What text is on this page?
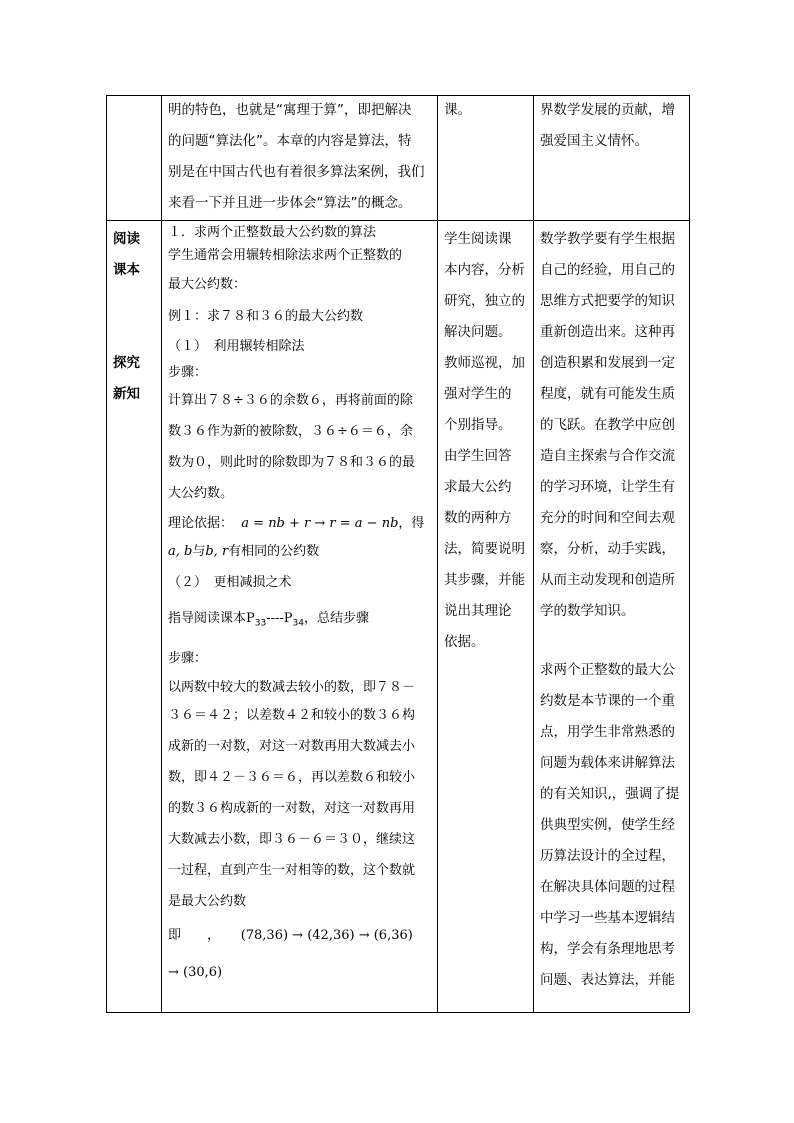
明的特色，也就是“寓理于算”，即把解决

的问题“算法化”。本章的内容是算法，特

别是在中国古代也有着很多算法案例，我们

来看一下并且进一步体会“算法”的概念。

课。	界数学发展的贡献，增

强爱国主义情怀。

阅读

课本

探究

新知

１．求两个正整数最大公约数的算法

学生通常会用辗转相除法求两个正整数的

最大公约数：

例１：求７８和３６的最大公约数

（１）　利用辗转相除法

步骤：

计算出７８÷３６的余数６，再将前面的除

数３６作为新的被除数，３６÷６＝６，余

数为０，则此时的除数即为７８和３６的最

大公约数。

理论依据： a = nb + r → r = a − nb，得

a, b与b, r有相同的公约数

（２）　更相减损之术

指导阅读课本$P_{33}----P_{34}$，总结步骤

步骤：

以两数中较大的数减去较小的数，即７８－

３６＝４２；以差数４２和较小的数３６构

成新的一对数，对这一对数再用大数减去小

数，即４２－３６＝６，再以差数６和较小

的数３６构成新的一对数，对这一对数再用

大数减去小数，即３６－６＝３０，继续这

一过程，直到产生一对相等的数，这个数就

是最大公约数

即　　， (78,36) → (42,36) → (6,36)

→ (30,6)

学生阅读课

本内容，分析

研究，独立的

解决问题。

教师巡视，加

强对学生的

个别指导。

由学生回答

求最大公约

数的两种方

法，简要说明

其步骤，并能

说出其理论

依据。

数学教学要有学生根据

自己的经验，用自己的

思维方式把要学的知识

重新创造出来。这种再

创造积累和发展到一定

程度，就有可能发生质

的飞跃。在教学中应创

造自主探索与合作交流

的学习环境，让学生有

充分的时间和空间去观

察，分析，动手实践，

从而主动发现和创造所

学的数学知识。

求两个正整数的最大公

约数是本节课的一个重

点，用学生非常熟悉的

问题为载体来讲解算法

的有关知识,，强调了提

供典型实例，使学生经

历算法设计的全过程，

在解决具体问题的过程

中学习一些基本逻辑结

构，学会有条理地思考

问题、表达算法，并能
